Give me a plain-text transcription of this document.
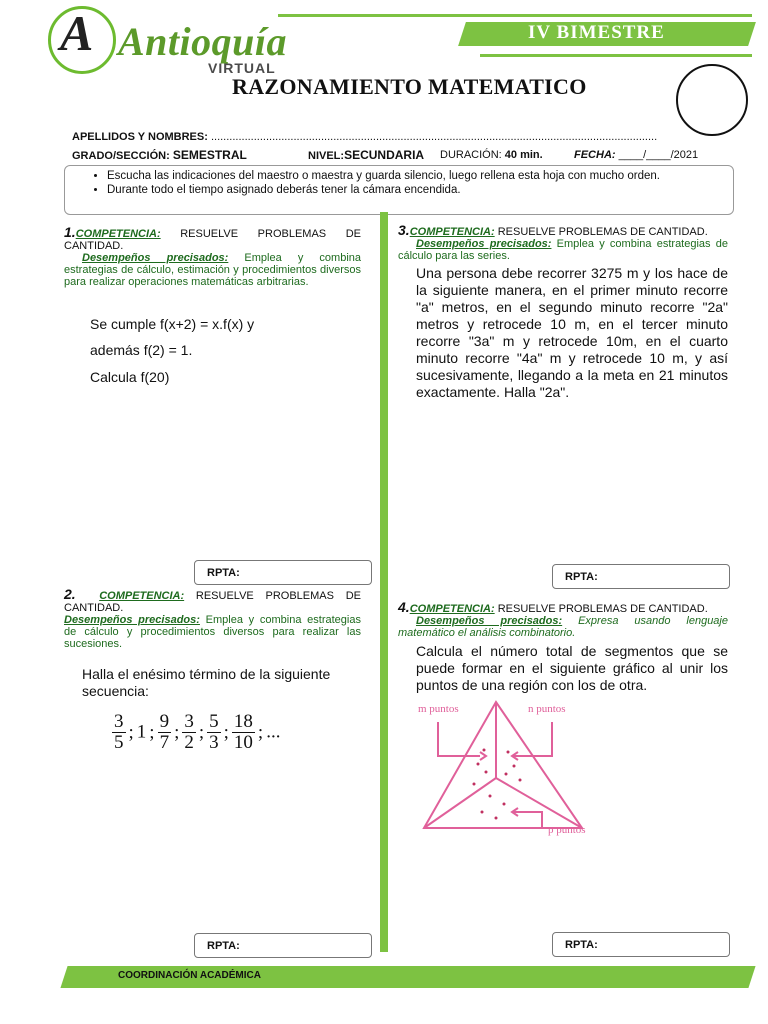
A Antioquía
VIRTUAL
IV BIMESTRE
RAZONAMIENTO MATEMATICO
APELLIDOS Y NOMBRES: ..................................................................................................................................................
GRADO/SECCIÓN: SEMESTRAL	NIVEL:SECUNDARIA DURACIÓN: 40 min.	FECHA: ____/____/2021
• Escucha las indicaciones del maestro o maestra y guarda silencio, luego rellena esta hoja con mucho orden.
• Durante todo el tiempo asignado deberás tener la cámara encendida.
ANTIOQUIA ANTIOQUIA ANTIOQUIA ANTIOQUIA ANTIOQUIA ANTIOQUIA ANTIOQUIA ANTIOQUIA ANTIOQUIA ANTIOQUIA ANTIOQUIA ANTIOQUIA
1.COMPETENCIA: RESUELVE PROBLEMAS DE CANTIDAD.
Desempeños precisados: Emplea y combina estrategias de cálculo, estimación y procedimientos diversos para realizar operaciones matemáticas arbitrarias.
Se cumple f(x+2) = x.f(x) y
además f(2) = 1.
Calcula f(20)
RPTA:
2. COMPETENCIA: RESUELVE PROBLEMAS DE CANTIDAD.
Desempeños precisados: Emplea y combina estrategias de cálculo y procedimientos diversos para realizar las sucesiones.
Halla el enésimo término de la siguiente secuencia:
$\frac{3}{5}$ ; 1 ; $\frac{9}{7}$ ; $\frac{3}{2}$ ; $\frac{5}{3}$ ; $\frac{18}{10}$ ; ...
RPTA:
3.COMPETENCIA: RESUELVE PROBLEMAS DE CANTIDAD.
Desempeños precisados: Emplea y combina estrategias de cálculo para las series.
Una persona debe recorrer 3275 m y los hace de la siguiente manera, en el primer minuto recorre "a" metros, en el segundo minuto recorre "2a" metros y retrocede 10 m, en el tercer minuto recorre "3a" m y retrocede 10m, en el cuarto minuto recorre "4a" m y retrocede 10 m, y así sucesivamente, llegando a la meta en 21 minutos exactamente. Halla "2a".
RPTA:
4.COMPETENCIA: RESUELVE PROBLEMAS DE CANTIDAD.
Desempeños precisados: Expresa usando lenguaje matemático el análisis combinatorio.
Calcula el número total de segmentos que se puede formar en el siguiente gráfico al unir los puntos de una región con los de otra.
m puntos	n puntos
p puntos
RPTA:
COORDINACIÓN ACADÉMICA
